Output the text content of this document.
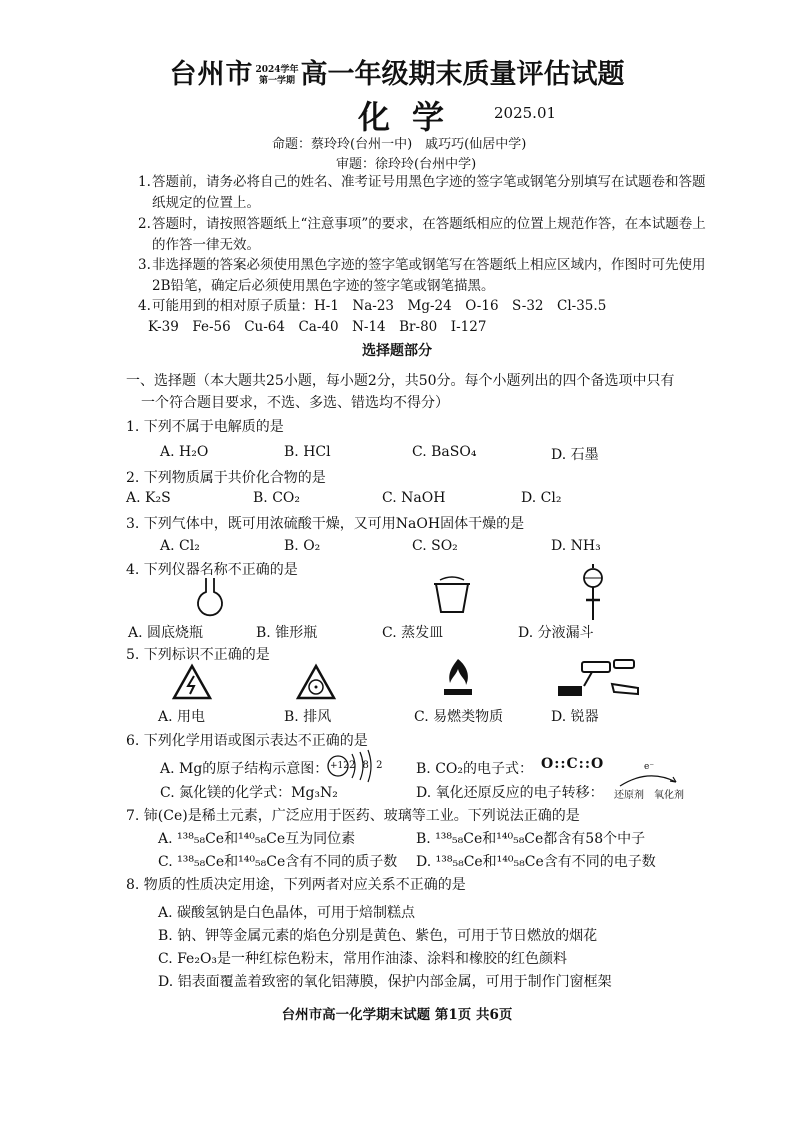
台州市 2024学年
第一学期 高一年级期末质量评估试题
化学 2025.01
命题：蔡玲玲(台州一中)　戚巧巧(仙居中学)
审题：徐玲玲(台州中学)
1. 答题前，请务必将自己的姓名、准考证号用黑色字迹的签字笔或钢笔分别填写在试题卷和答题纸规定的位置上。
2. 答题时，请按照答题纸上“注意事项”的要求，在答题纸相应的位置上规范作答，在本试题卷上的作答一律无效。
3. 非选择题的答案必须使用黑色字迹的签字笔或钢笔写在答题纸上相应区域内，作图时可先使用2B铅笔，确定后必须使用黑色字迹的签字笔或钢笔描黑。
4. 可能用到的相对原子质量：H-1　Na-23　Mg-24　O-16　S-32　Cl-35.5
K-39　Fe-56　Cu-64　Ca-40　N-14　Br-80　I-127
选择题部分
一、选择题（本大题共25小题，每小题2分，共50分。每个小题列出的四个备选项中只有
一个符合题目要求，不选、多选、错选均不得分）
1. 下列不属于电解质的是
A. H₂O	B. HCl	C. BaSO₄	D. 石墨
2. 下列物质属于共价化合物的是
A. K₂S	B. CO₂	C. NaOH	D. Cl₂
3. 下列气体中，既可用浓硫酸干燥，又可用NaOH固体干燥的是
A. Cl₂	B. O₂	C. SO₂	D. NH₃
4. 下列仪器名称不正确的是
A. 圆底烧瓶	B. 锥形瓶	C. 蒸发皿	D. 分液漏斗
5. 下列标识不正确的是
A. 用电	B. 排风	C. 易燃类物质	D. 锐器
6. 下列化学用语或图示表达不正确的是
A. Mg的原子结构示意图： +12 2 8 2 B. CO₂的电子式： O::C::O
C. 氮化镁的化学式：Mg₃N₂	D. 氧化还原反应的电子转移：
e⁻
还原剂 氧化剂
7. 铈(Ce)是稀土元素，广泛应用于医药、玻璃等工业。下列说法正确的是
A. ¹³⁸₅₈Ce和¹⁴⁰₅₈Ce互为同位素	B. ¹³⁸₅₈Ce和¹⁴⁰₅₈Ce都含有58个中子
C. ¹³⁸₅₈Ce和¹⁴⁰₅₈Ce含有不同的质子数 D. ¹³⁸₅₈Ce和¹⁴⁰₅₈Ce含有不同的电子数
8. 物质的性质决定用途，下列两者对应关系不正确的是
A. 碳酸氢钠是白色晶体，可用于焙制糕点
B. 钠、钾等金属元素的焰色分别是黄色、紫色，可用于节日燃放的烟花
C. Fe₂O₃是一种红棕色粉末，常用作油漆、涂料和橡胶的红色颜料
D. 铝表面覆盖着致密的氧化铝薄膜，保护内部金属，可用于制作门窗框架
台州市高一化学期末试题 第1页 共6页
